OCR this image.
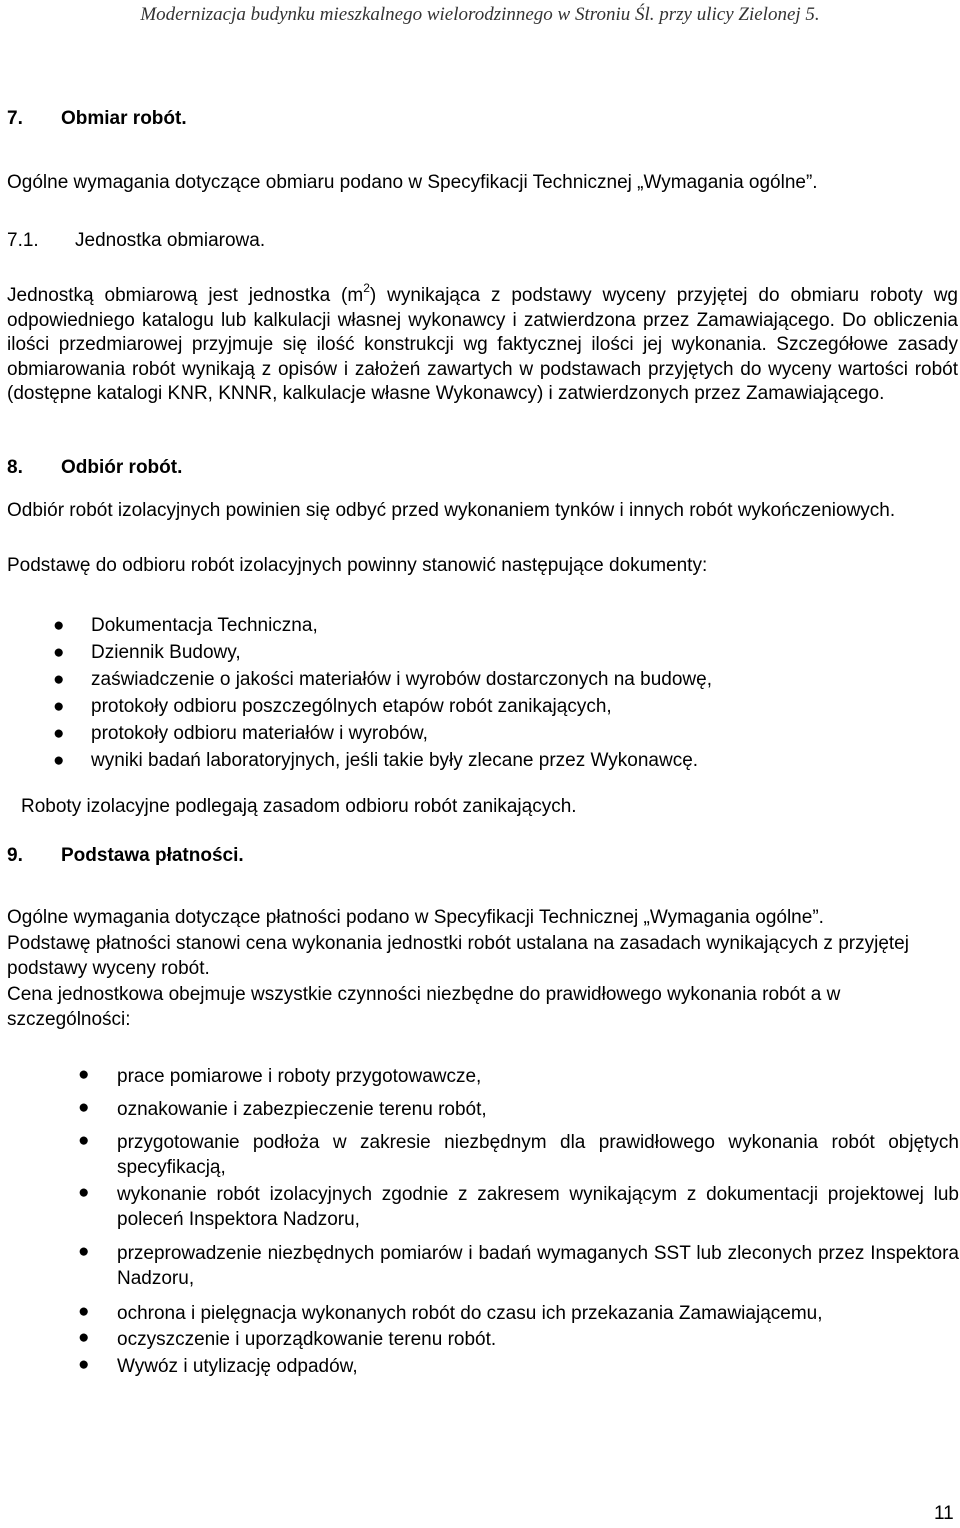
Modernizacja budynku mieszkalnego wielorodzinnego w Stroniu Śl. przy ulicy Zielonej 5.
7. Obmiar robót.
Ogólne wymagania dotyczące obmiaru podano w Specyfikacji Technicznej „Wymagania ogólne”.
7.1. Jednostka obmiarowa.
Jednostką obmiarową jest jednostka $(m^2)$ wynikająca z podstawy wyceny przyjętej do obmiaru roboty wg odpowiedniego katalogu lub kalkulacji własnej wykonawcy i zatwierdzona przez Zamawiającego. Do obliczenia ilości przedmiarowej przyjmuje się ilość konstrukcji wg faktycznej ilości jej wykonania. Szczegółowe zasady obmiarowania robót wynikają z opisów i założeń zawartych w podstawach przyjętych do wyceny wartości robót (dostępne katalogi KNR, KNNR, kalkulacje własne Wykonawcy) i zatwierdzonych przez Zamawiającego.
8. Odbiór robót.
Odbiór robót izolacyjnych powinien się odbyć przed wykonaniem tynków i innych robót wykończeniowych.
Podstawę do odbioru robót izolacyjnych powinny stanowić następujące dokumenty:
● Dokumentacja Techniczna,
● Dziennik Budowy,
● zaświadczenie o jakości materiałów i wyrobów dostarczonych na budowę,
● protokoły odbioru poszczególnych etapów robót zanikających,
● protokoły odbioru materiałów i wyrobów,
● wyniki badań laboratoryjnych, jeśli takie były zlecane przez Wykonawcę.
Roboty izolacyjne podlegają zasadom odbioru robót zanikających.
9. Podstawa płatności.
Ogólne wymagania dotyczące płatności podano w Specyfikacji Technicznej „Wymagania ogólne”.
Podstawę płatności stanowi cena wykonania jednostki robót ustalana na zasadach wynikających z przyjętej podstawy wyceny robót.
Cena jednostkowa obejmuje wszystkie czynności niezbędne do prawidłowego wykonania robót a w szczególności:
● prace pomiarowe i roboty przygotowawcze,
● oznakowanie i zabezpieczenie terenu robót,
● przygotowanie podłoża w zakresie niezbędnym dla prawidłowego wykonania robót objętych specyfikacją,
● wykonanie robót izolacyjnych zgodnie z zakresem wynikającym z dokumentacji projektowej lub poleceń Inspektora Nadzoru,
● przeprowadzenie niezbędnych pomiarów i badań wymaganych SST lub zleconych przez Inspektora Nadzoru,
● ochrona i pielęgnacja wykonanych robót do czasu ich przekazania Zamawiającemu,
● oczyszczenie i uporządkowanie terenu robót.
● Wywóz i utylizację odpadów,
11
